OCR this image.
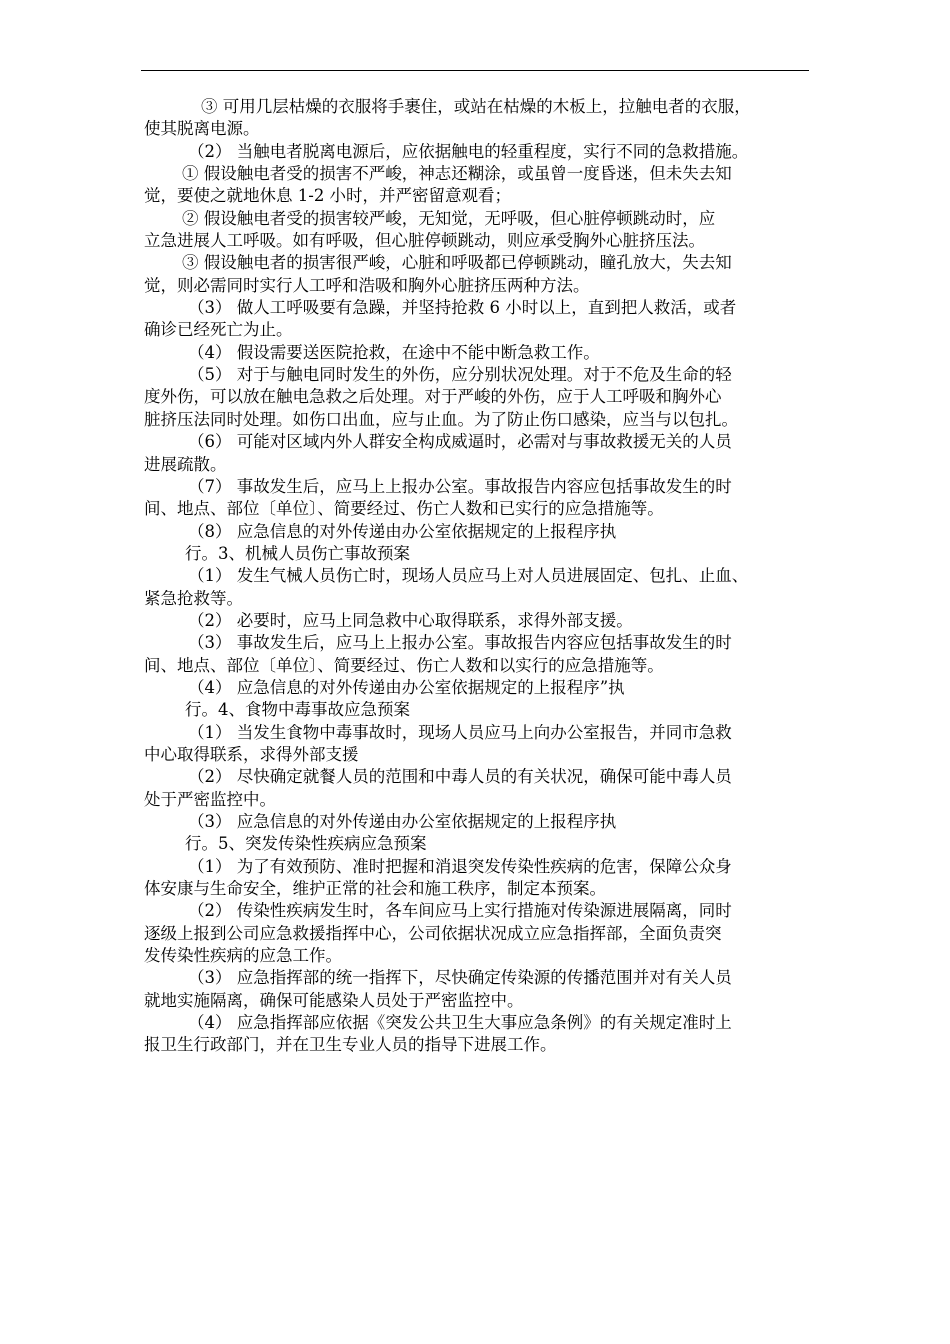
③ 可用几层枯燥的衣服将手裹住，或站在枯燥的木板上，拉触电者的衣服，
使其脱离电源。
（2） 当触电者脱离电源后，应依据触电的轻重程度，实行不同的急救措施。
① 假设触电者受的损害不严峻，神志还糊涂，或虽曾一度昏迷，但未失去知
觉，要使之就地休息 1-2 小时，并严密留意观看；
② 假设触电者受的损害较严峻，无知觉，无呼吸，但心脏停顿跳动时，应
立急进展人工呼吸。如有呼吸，但心脏停顿跳动，则应承受胸外心脏挤压法。
③ 假设触电者的损害很严峻，心脏和呼吸都已停顿跳动，瞳孔放大，失去知
觉，则必需同时实行人工呼和浩吸和胸外心脏挤压两种方法。
（3） 做人工呼吸要有急躁，并坚持抢救 6 小时以上，直到把人救活，或者
确诊已经死亡为止。
（4） 假设需要送医院抢救，在途中不能中断急救工作。
（5） 对于与触电同时发生的外伤，应分别状况处理。对于不危及生命的轻
度外伤，可以放在触电急救之后处理。对于严峻的外伤，应于人工呼吸和胸外心
脏挤压法同时处理。如伤口出血，应与止血。为了防止伤口感染，应当与以包扎。
（6） 可能对区域内外人群安全构成威逼时，必需对与事故救援无关的人员
进展疏散。
（7） 事故发生后，应马上上报办公室。事故报告内容应包括事故发生的时
间、地点、部位〔单位〕、简要经过、伤亡人数和已实行的应急措施等。
（8） 应急信息的对外传递由办公室依据规定的上报程序执
行。3、机械人员伤亡事故预案
（1） 发生气械人员伤亡时，现场人员应马上对人员进展固定、包扎、止血、
紧急抢救等。
（2） 必要时，应马上同急救中心取得联系，求得外部支援。
（3） 事故发生后，应马上上报办公室。事故报告内容应包括事故发生的时
间、地点、部位〔单位〕、简要经过、伤亡人数和以实行的应急措施等。
（4） 应急信息的对外传递由办公室依据规定的上报程序”执
行。4、食物中毒事故应急预案
（1） 当发生食物中毒事故时，现场人员应马上向办公室报告，并同市急救
中心取得联系，求得外部支援
（2） 尽快确定就餐人员的范围和中毒人员的有关状况，确保可能中毒人员
处于严密监控中。
（3） 应急信息的对外传递由办公室依据规定的上报程序执
行。5、突发传染性疾病应急预案
（1） 为了有效预防、准时把握和消退突发传染性疾病的危害，保障公众身
体安康与生命安全，维护正常的社会和施工秩序，制定本预案。
（2） 传染性疾病发生时，各车间应马上实行措施对传染源进展隔离，同时
逐级上报到公司应急救援指挥中心，公司依据状况成立应急指挥部，全面负责突
发传染性疾病的应急工作。
（3） 应急指挥部的统一指挥下，尽快确定传染源的传播范围并对有关人员
就地实施隔离，确保可能感染人员处于严密监控中。
（4） 应急指挥部应依据《突发公共卫生大事应急条例》的有关规定准时上
报卫生行政部门，并在卫生专业人员的指导下进展工作。
